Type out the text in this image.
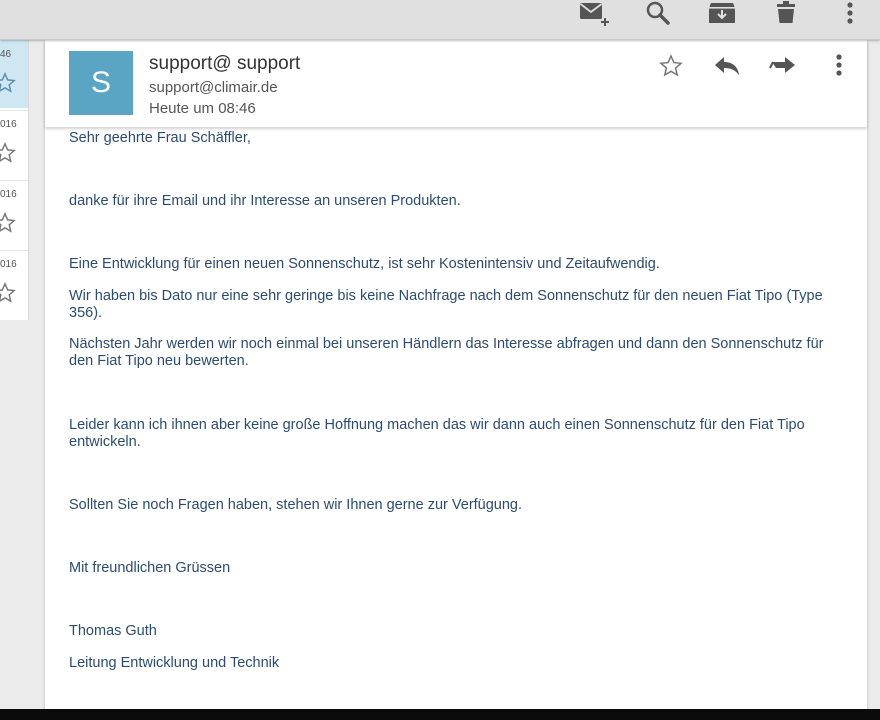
46
016
016
016
S
support@ support
support@climair.de
Heute um 08:46

Sehr geehrte Frau Schäffler,

danke für ihre Email und ihr Interesse an unseren Produkten.

Eine Entwicklung für einen neuen Sonnenschutz, ist sehr Kostenintensiv und Zeitaufwendig.

Wir haben bis Dato nur eine sehr geringe bis keine Nachfrage nach dem Sonnenschutz für den neuen Fiat Tipo (Type 356).

Nächsten Jahr werden wir noch einmal bei unseren Händlern das Interesse abfragen und dann den Sonnenschutz für den Fiat Tipo neu bewerten.

Leider kann ich ihnen aber keine große Hoffnung machen das wir dann auch einen Sonnenschutz für den Fiat Tipo entwickeln.

Sollten Sie noch Fragen haben, stehen wir Ihnen gerne zur Verfügung.

Mit freundlichen Grüssen

Thomas Guth

Leitung Entwicklung und Technik
